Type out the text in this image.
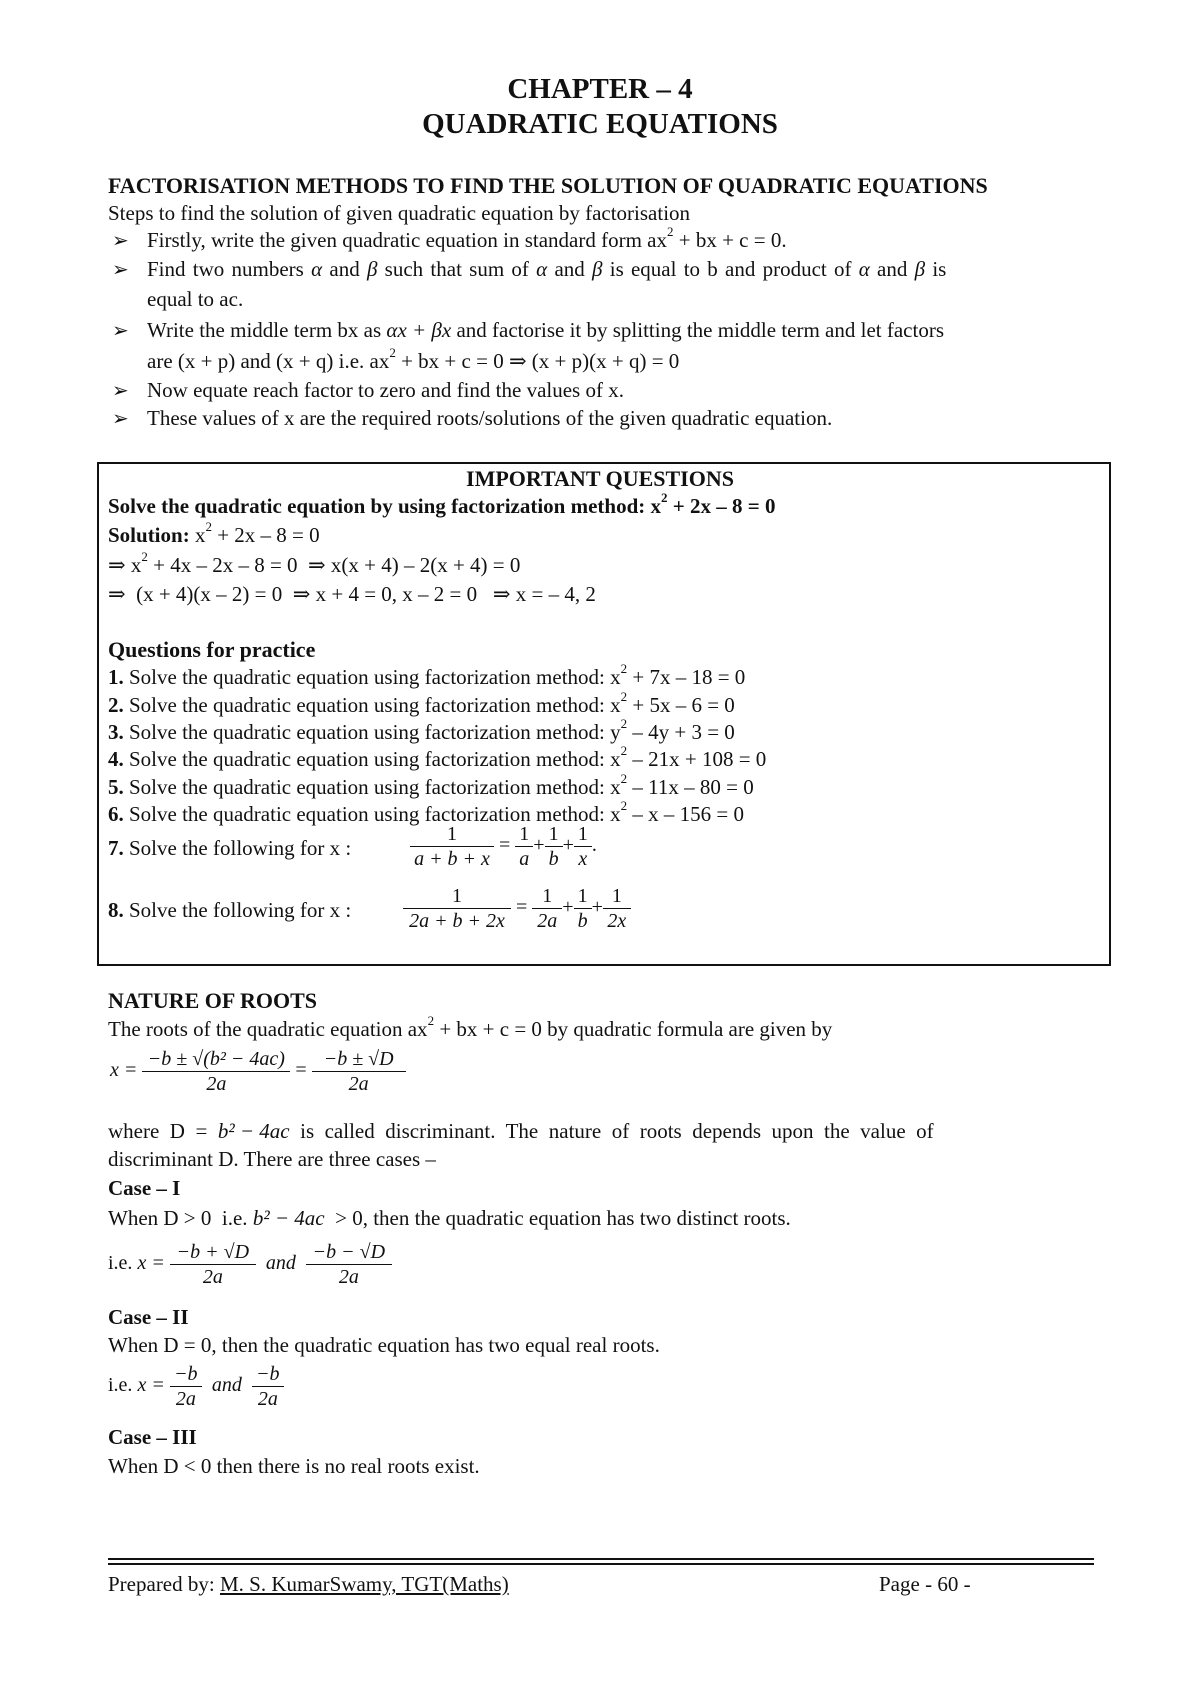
CHAPTER – 4
QUADRATIC EQUATIONS
FACTORISATION METHODS TO FIND THE SOLUTION OF QUADRATIC EQUATIONS
Steps to find the solution of given quadratic equation by factorisation
➢ Firstly, write the given quadratic equation in standard form $ax^2$ + bx + c = 0.
➢ Find two numbers α and β such that sum of α and β is equal to b and product of α and β is
equal to ac.
➢ Write the middle term bx as αx + βx and factorise it by splitting the middle term and let factors
are (x + p) and (x + q) i.e. $ax^2$ + bx + c = 0 ⇒ (x + p)(x + q) = 0
➢ Now equate reach factor to zero and find the values of x.
➢ These values of x are the required roots/solutions of the given quadratic equation.
IMPORTANT QUESTIONS
Solve the quadratic equation by using factorization method: $x^2 + 2x - 8 = 0$
Solution: $x^2 + 2x - 8 = 0$
⇒ $x^2 + 4x - 2x - 8 = 0$  ⇒ x(x + 4) – 2(x + 4) = 0
⇒  (x + 4)(x – 2) = 0  ⇒ x + 4 = 0, x – 2 = 0   ⇒ x = – 4, 2
Questions for practice
1. Solve the quadratic equation using factorization method: $x^2 + 7x - 18 = 0$
2. Solve the quadratic equation using factorization method: $x^2 + 5x - 6 = 0$
3. Solve the quadratic equation using factorization method: $y^2 - 4y + 3 = 0$
4. Solve the quadratic equation using factorization method: $x^2 - 21x + 108 = 0$
5. Solve the quadratic equation using factorization method: $x^2 - 11x - 80 = 0$
6. Solve the quadratic equation using factorization method: $x^2 - x - 156 = 0$
7. Solve the following for x :	$\frac{1}{a + b + x} = \frac{1}{a} + \frac{1}{b} + \frac{1}{x}$ .
8. Solve the following for x :	$\frac{1}{2a + b + 2x} = \frac{1}{2a} + \frac{1}{b} + \frac{1}{2x}$
NATURE OF ROOTS
The roots of the quadratic equation $ax^2$ + bx + c = 0 by quadratic formula are given by
$x = \frac{\text{−b ± √(b² − 4ac)}}{2a} = \frac{-b \pm √D}{2a}$
where  D  =  b² − 4ac  is  called  discriminant.  The  nature  of  roots  depends  upon  the  value  of
discriminant D. There are three cases –
Case – I
When D > 0  i.e. b² − 4ac  > 0, then the quadratic equation has two distinct roots.
i.e. $x = \frac{-b + √D}{2a}$ and $\frac{-b - √D}{2a}$
Case – II
When D = 0, then the quadratic equation has two equal real roots.
i.e. $x = \frac{-b}{2a}$ and $\frac{-b}{2a}$
Case – III
When D < 0 then there is no real roots exist.
Prepared by: M. S. KumarSwamy, TGT(Maths)	Page - 60 -
